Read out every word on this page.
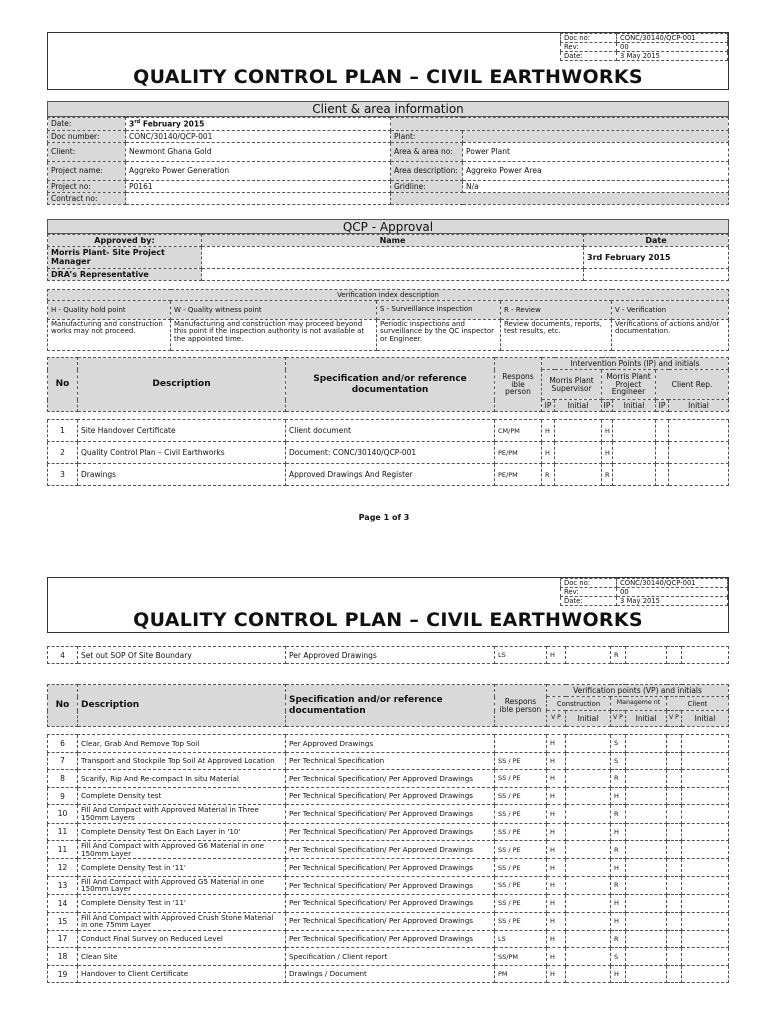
Doc no:	CONC/30140/QCP-001
Rev:	00
Date:	3 May 2015
QUALITY CONTROL PLAN – CIVIL EARTHWORKS
Client & area information
Date:	3rd February 2015		
Doc number:	CONC/30140/QCP-001	Plant:	
Client:	Newmont Ghana Gold	Area & area no:	Power Plant
Project name:	Aggreko Power Generation	Area description:	Aggreko Power Area
Project no:	P0161	Gridline:	N/a
Contract no:			
QCP - Approval
Approved by:	Name	Date
Morris Plant- Site Project Manager		3rd February 2015
DRA’s Representative		
Verification index description				
H - Quality hold point	W - Quality witness point	S - Surveillance inspection	R - Review	V - Verification
Manufacturing and construction works may not proceed.	Manufacturing and construction may proceed beyond this point if the inspection authority is not available at the appointed time.	Periodic inspections and surveillance by the QC inspector or Engineer.	Review documents, reports, test results, etc.	Verifications of actions and/or documentation.
No	Description	Specification and/or reference documentation	Respons ible person	Intervention Points (IP) and initials					
				Morris Plant Supervisor		Morris Plant Project Engineer		Client Rep.	
				IP	Initial	IP	Initial	IP	Initial

1	Site Handover Certificate	Client document	CM/PM	H		H			
2	Quality Control Plan – Civil Earthworks	Document: CONC/30140/QCP-001	PE/PM	H		H			
3	Drawings	Approved Drawings And Register	PE/PM	R		R			
Page 1 of 3
Doc no:	CONC/30140/QCP-001
Rev:	00
Date:	3 May 2015
QUALITY CONTROL PLAN – CIVIL EARTHWORKS
4	Set out SOP Of Site Boundary	Per Approved Drawings	LS	H		R			
No	Description	Specification and/or reference documentation	Respons ible person	Verification points (VP) and initials					
				Construction		Manageme nt		Client	
				V P	Initial	V P	Initial	V P	Initial

6	Clear, Grab And Remove Top Soil	Per Approved Drawings		H		S			
7	Transport and Stockpile Top Soil At Approved Location	Per Technical Specification	SS / PE	H		S			
8	Scarify, Rip And Re-compact In situ Material	Per Technical Specification/ Per Approved Drawings	SS / PE	H		R			
9	Complete Density test	Per Technical Specification/ Per Approved Drawings	SS / PE	H		H			
10	Fill And Compact with Approved Material in Three 150mm Layers	Per Technical Specification/ Per Approved Drawings	SS / PE	H		R			
11	Complete Density Test On Each Layer in '10'	Per Technical Specification/ Per Approved Drawings	SS / PE	H		H			
11	Fill And Compact with Approved G6 Material in one 150mm Layer	Per Technical Specification/ Per Approved Drawings	SS / PE	H		R			
12	Complete Density Test in '11'	Per Technical Specification/ Per Approved Drawings	SS / PE	H		H			
13	Fill And Compact with Approved G5 Material in one 150mm Layer	Per Technical Specification/ Per Approved Drawings	SS / PE	H		R			
14	Complete Density Test in '11'	Per Technical Specification/ Per Approved Drawings	SS / PE	H		H			
15	Fill And Compact with Approved Crush Stone Material in one 75mm Layer	Per Technical Specification/ Per Approved Drawings	SS / PE	H		H			
17	Conduct Final Survey on Reduced Level	Per Technical Specification/ Per Approved Drawings	LS	H		R			
18	Clean Site	Specification / Client report	SS/PM	H		S			
19	Handover to Client Certificate	Drawings / Document	PM	H		H			
